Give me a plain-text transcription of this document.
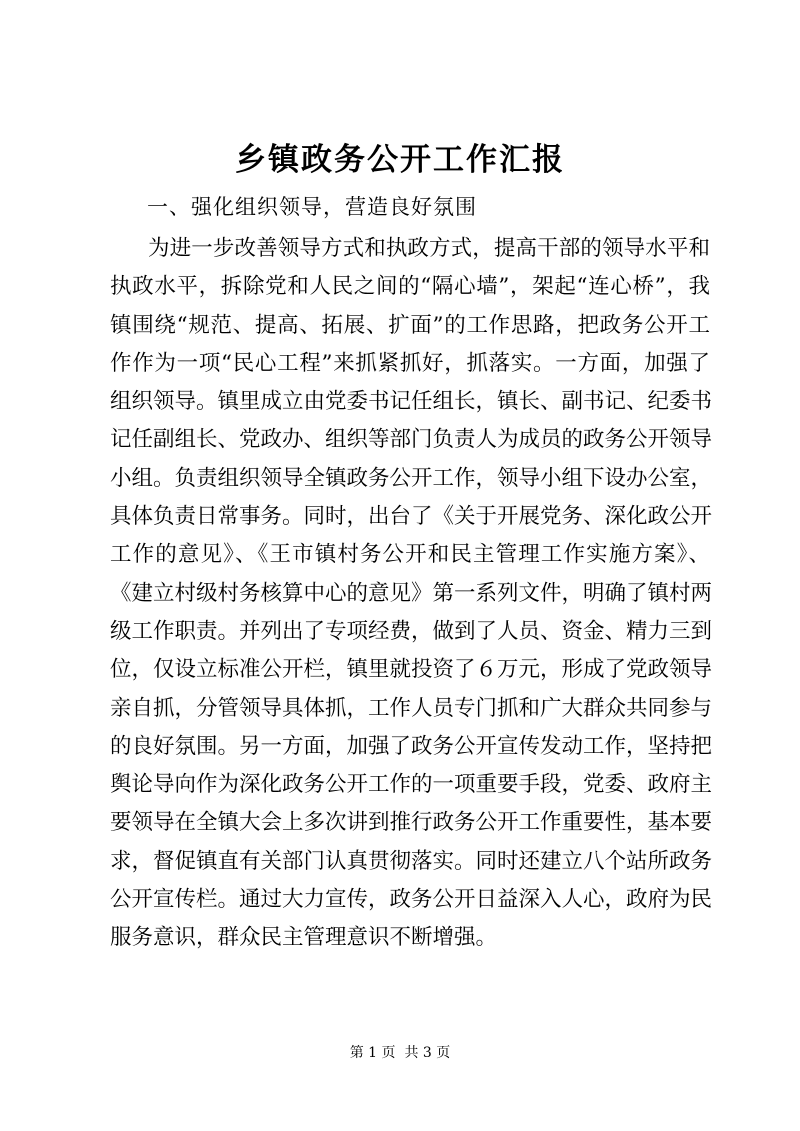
乡镇政务公开工作汇报
一、强化组织领导，营造良好氛围
为进一步改善领导方式和执政方式，提高干部的领导水平和
执政水平，拆除党和人民之间的“隔心墙”，架起“连心桥”，我
镇围绕“规范、提高、拓展、扩面”的工作思路，把政务公开工
作作为一项“民心工程”来抓紧抓好，抓落实。一方面，加强了
组织领导。镇里成立由党委书记任组长，镇长、副书记、纪委书
记任副组长、党政办、组织等部门负责人为成员的政务公开领导
小组。负责组织领导全镇政务公开工作，领导小组下设办公室，
具体负责日常事务。同时，出台了《关于开展党务、深化政公开
工作的意见》、《王市镇村务公开和民主管理工作实施方案》、
《建立村级村务核算中心的意见》第一系列文件，明确了镇村两
级工作职责。并列出了专项经费，做到了人员、资金、精力三到
位，仅设立标准公开栏，镇里就投资了６万元，形成了党政领导
亲自抓，分管领导具体抓，工作人员专门抓和广大群众共同参与
的良好氛围。另一方面，加强了政务公开宣传发动工作，坚持把
舆论导向作为深化政务公开工作的一项重要手段，党委、政府主
要领导在全镇大会上多次讲到推行政务公开工作重要性，基本要
求，督促镇直有关部门认真贯彻落实。同时还建立八个站所政务
公开宣传栏。通过大力宣传，政务公开日益深入人心，政府为民
服务意识，群众民主管理意识不断增强。
第 1 页  共 3 页
